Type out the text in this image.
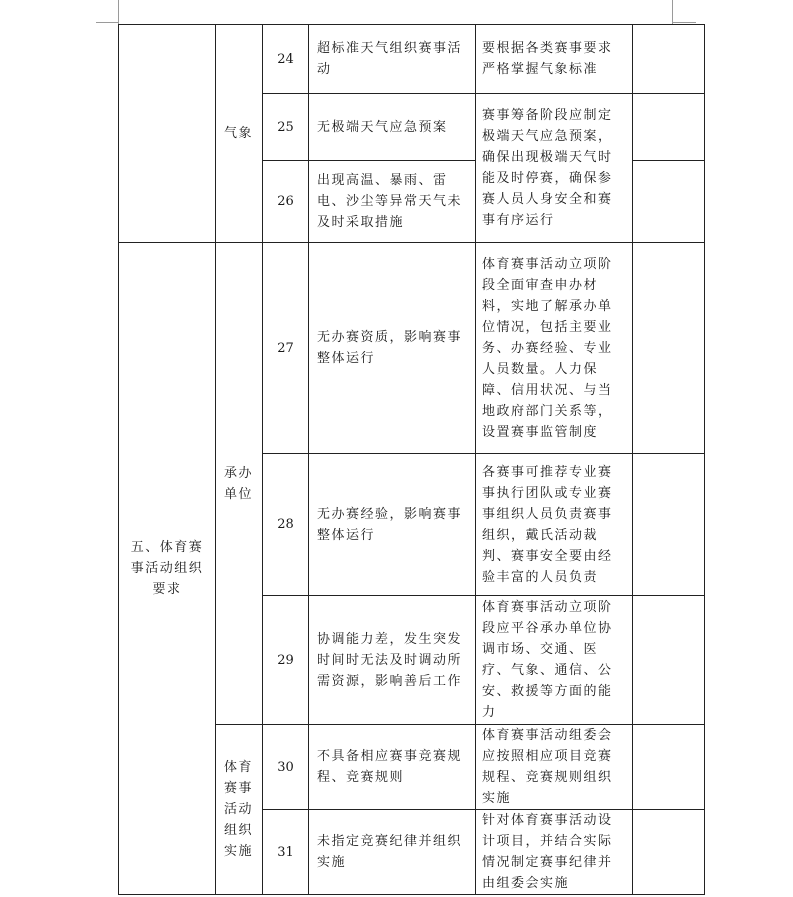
	气象	24	超标准天气组织赛事活动	要根据各类赛事要求严格掌握气象标准	
		25	无极端天气应急预案	赛事筹备阶段应制定极端天气应急预案，确保出现极端天气时能及时停赛，确保参赛人员人身安全和赛事有序运行	
		26	出现高温、暴雨、雷电、沙尘等异常天气未及时采取措施		
五、体育赛事活动组织要求	承办单位	27	无办赛资质，影响赛事整体运行	体育赛事活动立项阶段全面审查申办材料，实地了解承办单位情况，包括主要业务、办赛经验、专业人员数量。人力保障、信用状况、与当地政府部门关系等，设置赛事监管制度	
		28	无办赛经验，影响赛事整体运行	各赛事可推荐专业赛事执行团队或专业赛事组织人员负责赛事组织，戴氏活动裁判、赛事安全要由经验丰富的人员负责	
		29	协调能力差，发生突发时间时无法及时调动所需资源，影响善后工作	体育赛事活动立项阶段应平谷承办单位协调市场、交通、医疗、气象、通信、公安、救援等方面的能力	
	体育赛事活动组织实施	30	不具备相应赛事竞赛规程、竞赛规则	体育赛事活动组委会应按照相应项目竞赛规程、竞赛规则组织实施	
		31	未指定竞赛纪律并组织实施	针对体育赛事活动设计项目，并结合实际情况制定赛事纪律并由组委会实施	
